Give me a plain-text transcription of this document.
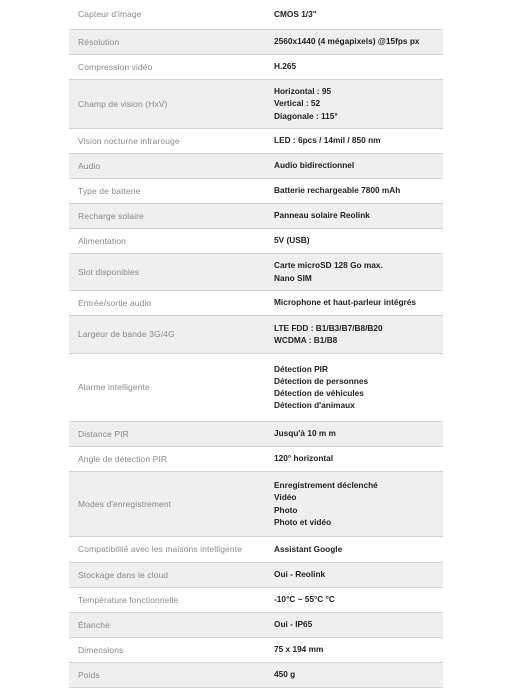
Capteur d'image	CMOS 1/3"

Résolution	2560x1440 (4 mégapixels) @15fps px

Compression vidéo	H.265

Champ de vision (HxV)	Horizontal : 95
Vertical : 52
Diagonale : 115°

Vision nocturne infrarouge	LED : 6pcs / 14mil / 850 nm

Audio	Audio bidirectionnel

Type de batterie	Batterie rechargeable 7800 mAh

Recharge solaire	Panneau solaire Reolink

Alimentation	5V (USB)

Slot disponibles	Carte microSD 128 Go max.
Nano SIM

Entrée/sortie audio	Microphone et haut-parleur intégrés

Largeur de bande 3G/4G	LTE FDD : B1/B3/B7/B8/B20
WCDMA : B1/B8

Alarme intelligente	Détection PIR
Détection de personnes
Détection de véhicules
Détection d'animaux

Distance PIR	Jusqu'à 10 m m

Angle de détection PIR	120° horizontal

Modes d'enregistrement	Enregistrement déclenché
Vidéo
Photo
Photo et vidéo

Compatibilité avec les maisons intelligente	Assistant Google

Stockage dans le cloud	Oui - Reolink

Température fonctionnelle	-10°C ~ 55°C °C

Étanche	Oui - IP65

Dimensions	75 x 194 mm

Poids	450 g
